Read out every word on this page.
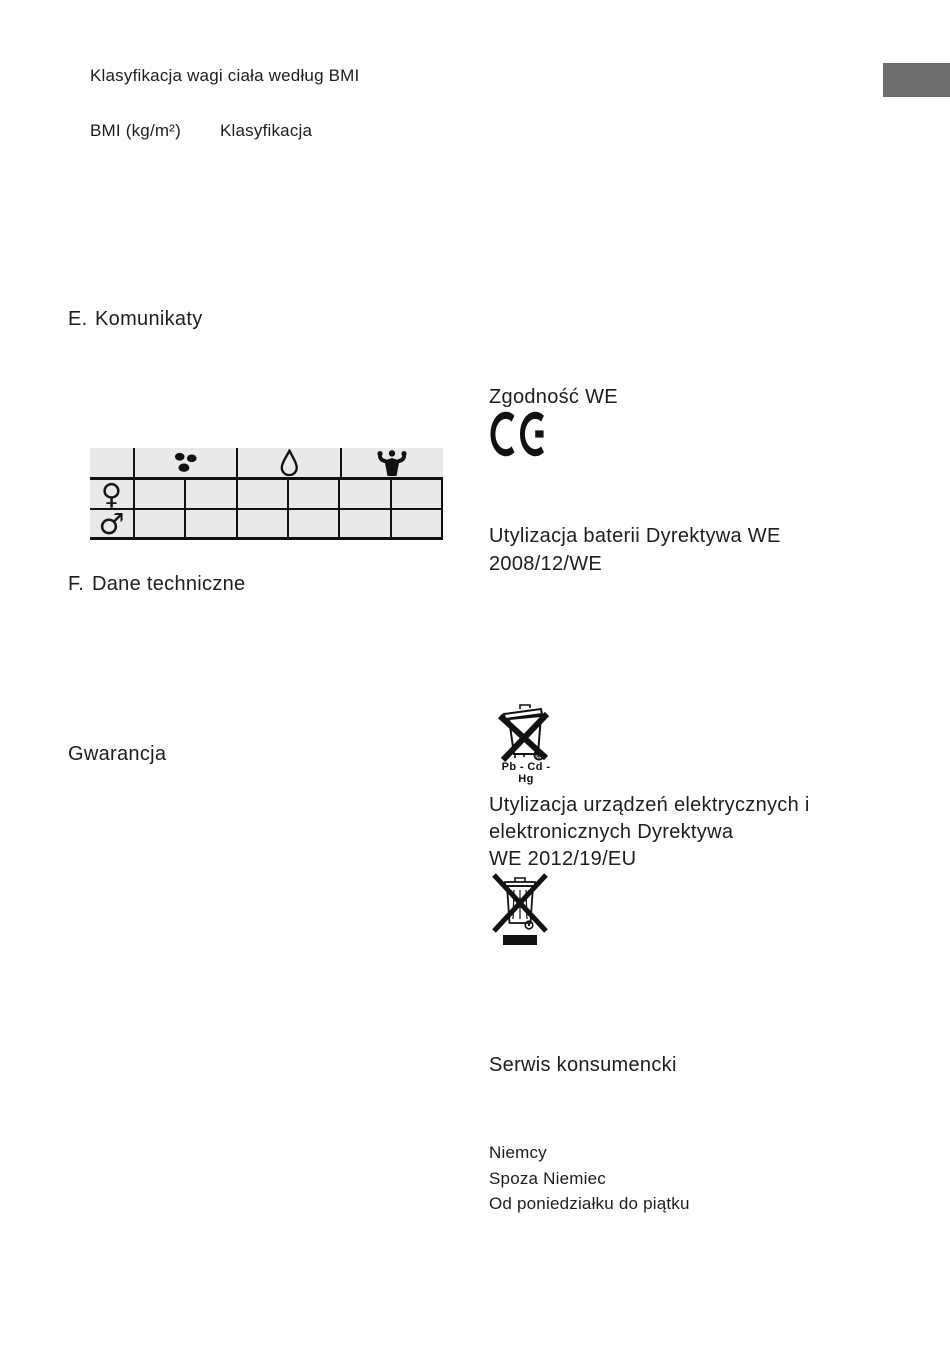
Klasyfikacja wagi ciała według BMI
BMI (kg/m²) Klasyfikacja
E. Komunikaty
♀
♂
F. Dane techniczne
Gwarancja
Zgodność WE
Utylizacja baterii Dyrektywa WE
2008/12/WE
Pb - Cd - Hg
Utylizacja urządzeń elektrycznych i
elektronicznych Dyrektywa
WE 2012/19/EU
Serwis konsumencki
Niemcy
Spoza Niemiec
Od poniedziałku do piątku
